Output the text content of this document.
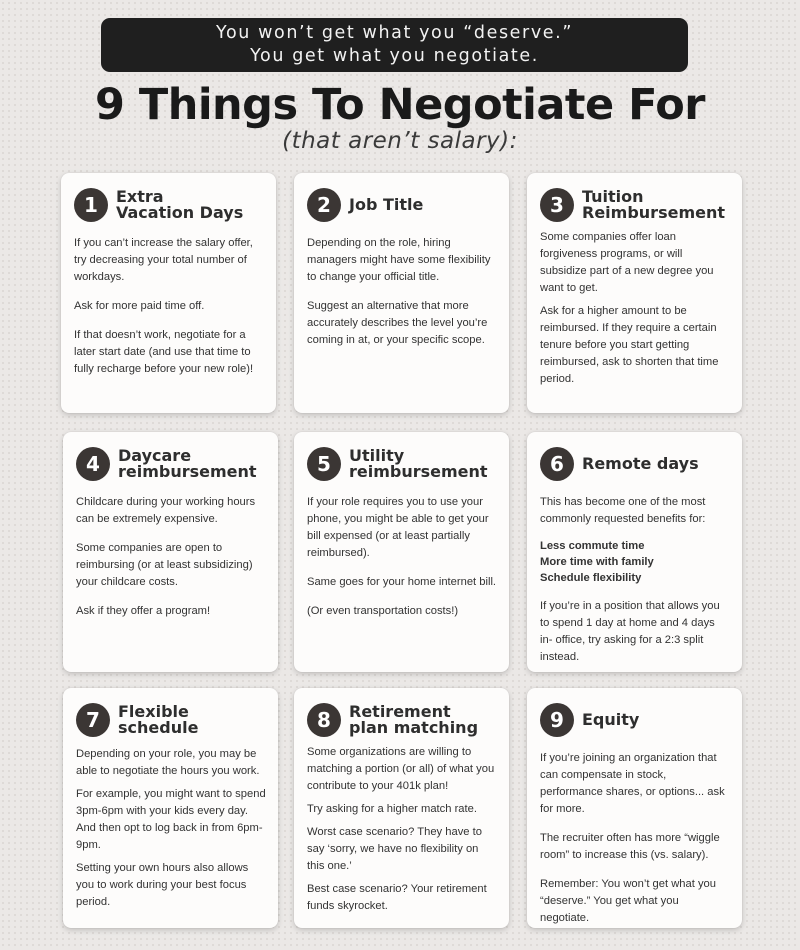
You won’t get what you “deserve.”
You get what you negotiate.
9 Things To Negotiate For
(that aren’t salary):
1	Extra
Vacation Days

If you can’t increase the salary offer, try decreasing your total number of workdays.

Ask for more paid time off.

If that doesn’t work, negotiate for a later start date (and use that time to fully recharge before your new role)!

2	Job Title

Depending on the role, hiring managers might have some flexibility to change your official title.

Suggest an alternative that more accurately describes the level you’re coming in at, or your specific scope.

3	Tuition
Reimbursement

Some companies offer loan forgiveness programs, or will subsidize part of a new degree you want to get.

Ask for a higher amount to be reimbursed. If they require a certain tenure before you start getting reimbursed, ask to shorten that time period.

4	Daycare
reimbursement

Childcare during your working hours can be extremely expensive.

Some companies are open to reimbursing (or at least subsidizing) your childcare costs.

Ask if they offer a program!

5	Utility
reimbursement

If your role requires you to use your phone, you might be able to get your bill expensed (or at least partially reimbursed).

Same goes for your home internet bill.

(Or even transportation costs!)

6	Remote days

This has become one of the most commonly requested benefits for:

Less commute time

More time with family

Schedule flexibility

If you’re in a position that allows you to spend 1 day at home and 4 days in- office, try asking for a 2:3 split instead.

7	Flexible schedule

Depending on your role, you may be able to negotiate the hours you work.

For example, you might want to spend 3pm-6pm with your kids every day. And then opt to log back in from 6pm-9pm.

Setting your own hours also allows you to work during your best focus period.

8	Retirement
plan matching

Some organizations are willing to matching a portion (or all) of what you contribute to your 401k plan!

Try asking for a higher match rate.

Worst case scenario? They have to say ‘sorry, we have no flexibility on this one.’

Best case scenario? Your retirement funds skyrocket.

9	Equity

If you’re joining an organization that can compensate in stock, performance shares, or options... ask for more.

The recruiter often has more “wiggle room” to increase this (vs. salary).

Remember: You won’t get what you “deserve.” You get what you negotiate.
